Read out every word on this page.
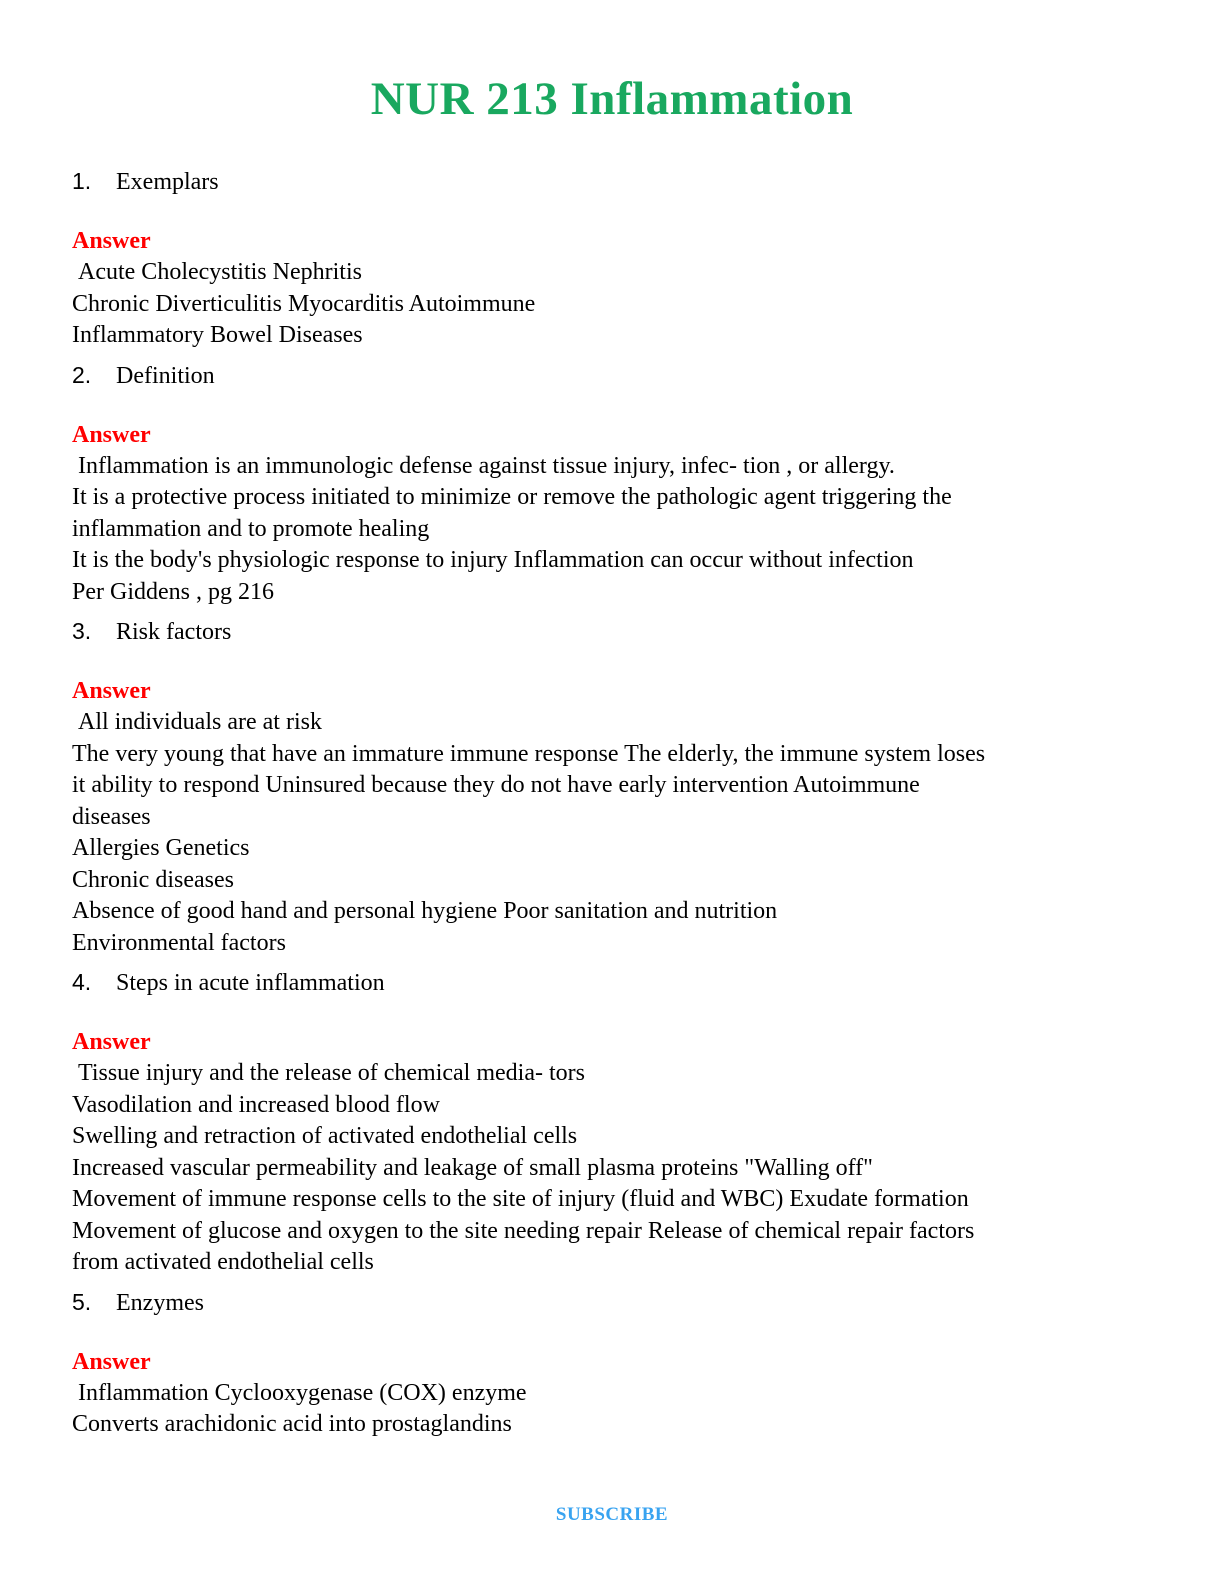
NUR 213 Inflammation
1.	Exemplars
Answer
Acute Cholecystitis Nephritis
Chronic Diverticulitis Myocarditis Autoimmune
Inflammatory Bowel Diseases
2.	Definition
Answer
Inflammation is an immunologic defense against tissue injury, infec- tion , or allergy.
It is a protective process initiated to minimize or remove the pathologic agent triggering the
inflammation and to promote healing
It is the body's physiologic response to injury Inflammation can occur without infection
Per Giddens , pg 216
3.	Risk factors
Answer
All individuals are at risk
The very young that have an immature immune response The elderly, the immune system loses
it ability to respond Uninsured because they do not have early intervention Autoimmune
diseases
Allergies Genetics
Chronic diseases
Absence of good hand and personal hygiene Poor sanitation and nutrition
Environmental factors
4.	Steps in acute inflammation
Answer
Tissue injury and the release of chemical media- tors
Vasodilation and increased blood flow
Swelling and retraction of activated endothelial cells
Increased vascular permeability and leakage of small plasma proteins "Walling off"
Movement of immune response cells to the site of injury (fluid and WBC) Exudate formation
Movement of glucose and oxygen to the site needing repair Release of chemical repair factors
from activated endothelial cells
5.	Enzymes
Answer
Inflammation Cyclooxygenase (COX) enzyme
Converts arachidonic acid into prostaglandins
SUBSCRIBE
